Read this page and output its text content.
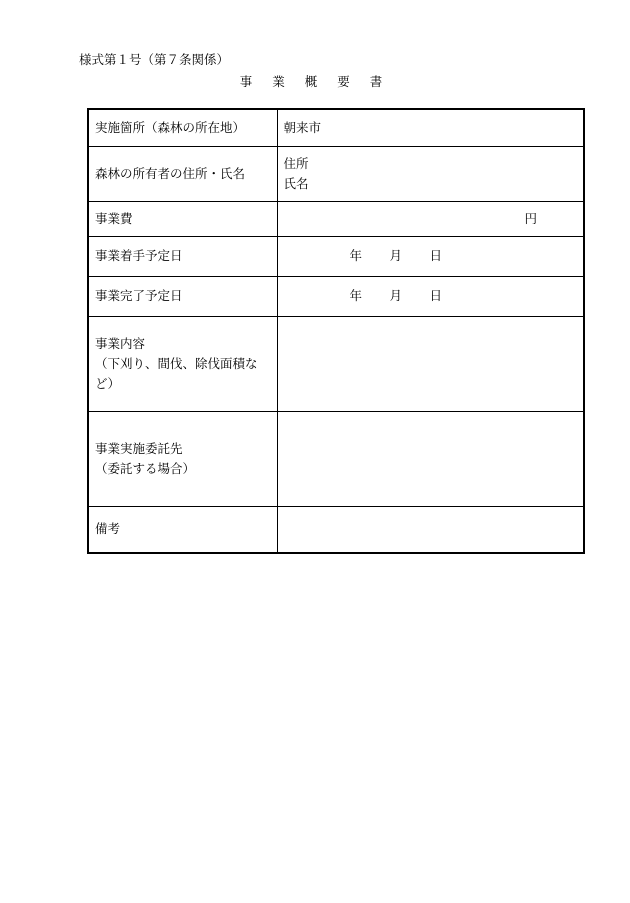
様式第１号（第７条関係）
事 業 概 要 書
実施箇所（森林の所在地）	朝来市
森林の所有者の住所・氏名	住所
氏名

事業費	円
事業着手予定日	年 月 日
事業完了予定日	年 月 日

事業内容
（下刈り、間伐、除伐面積な
ど）	

事業実施委託先
（委託する場合）	

備考	
